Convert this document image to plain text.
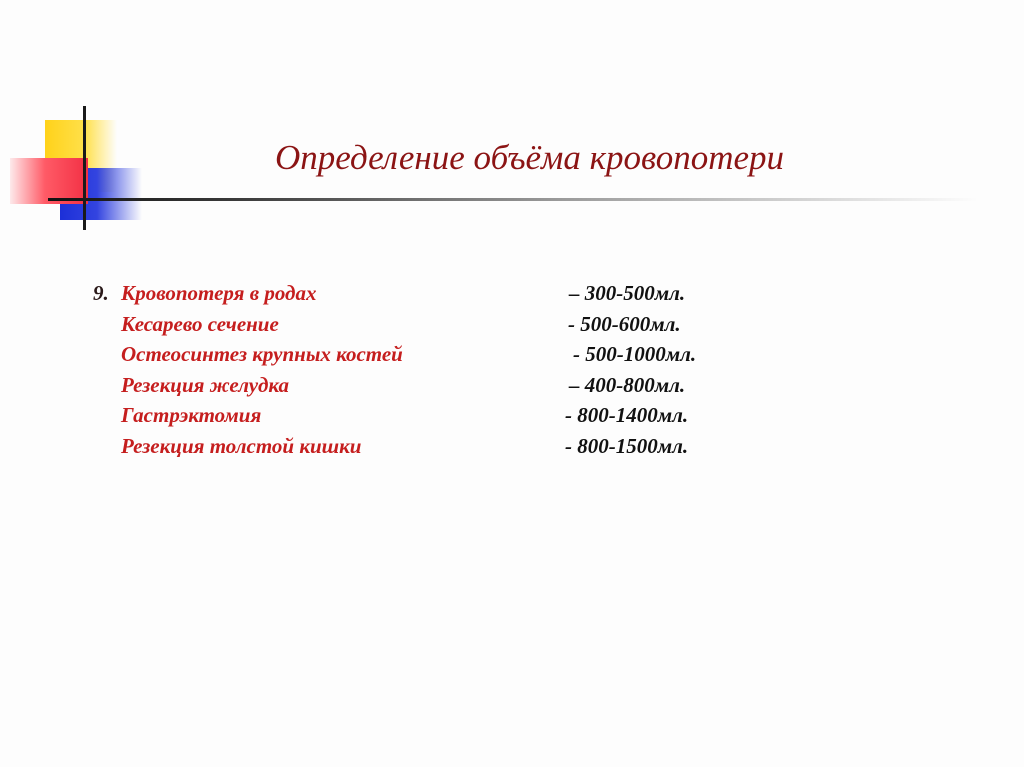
Определение объёма кровопотери
9. Кровопотеря в родах	– 300-500мл.
Кесарево сечение	- 500-600мл.
Остеосинтез крупных костей	- 500-1000мл.
Резекция желудка	– 400-800мл.
Гастрэктомия	- 800-1400мл.
Резекция толстой кишки	- 800-1500мл.
